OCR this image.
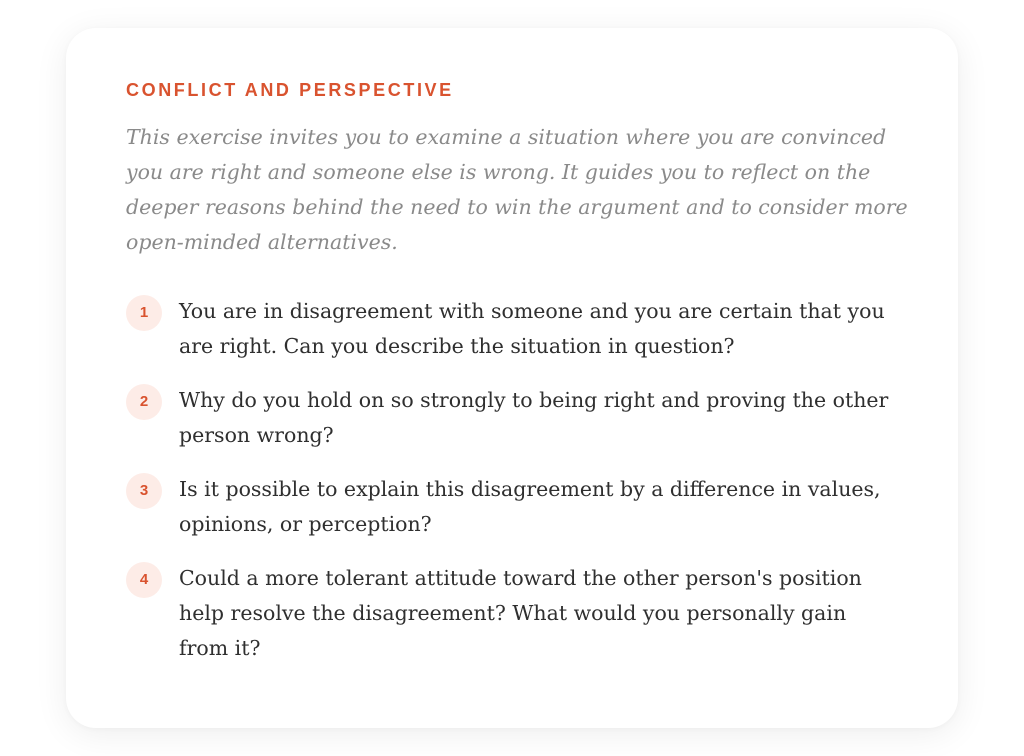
CONFLICT AND PERSPECTIVE

This exercise invites you to examine a situation where you are convinced you are right and someone else is wrong. It guides you to reflect on the deeper reasons behind the need to win the argument and to consider more open-minded alternatives.

1	You are in disagreement with someone and you are certain that you are right. Can you describe the situation in question?

2	Why do you hold on so strongly to being right and proving the other person wrong?

3	Is it possible to explain this disagreement by a difference in values, opinions, or perception?

4	Could a more tolerant attitude toward the other person's position help resolve the disagreement? What would you personally gain from it?
